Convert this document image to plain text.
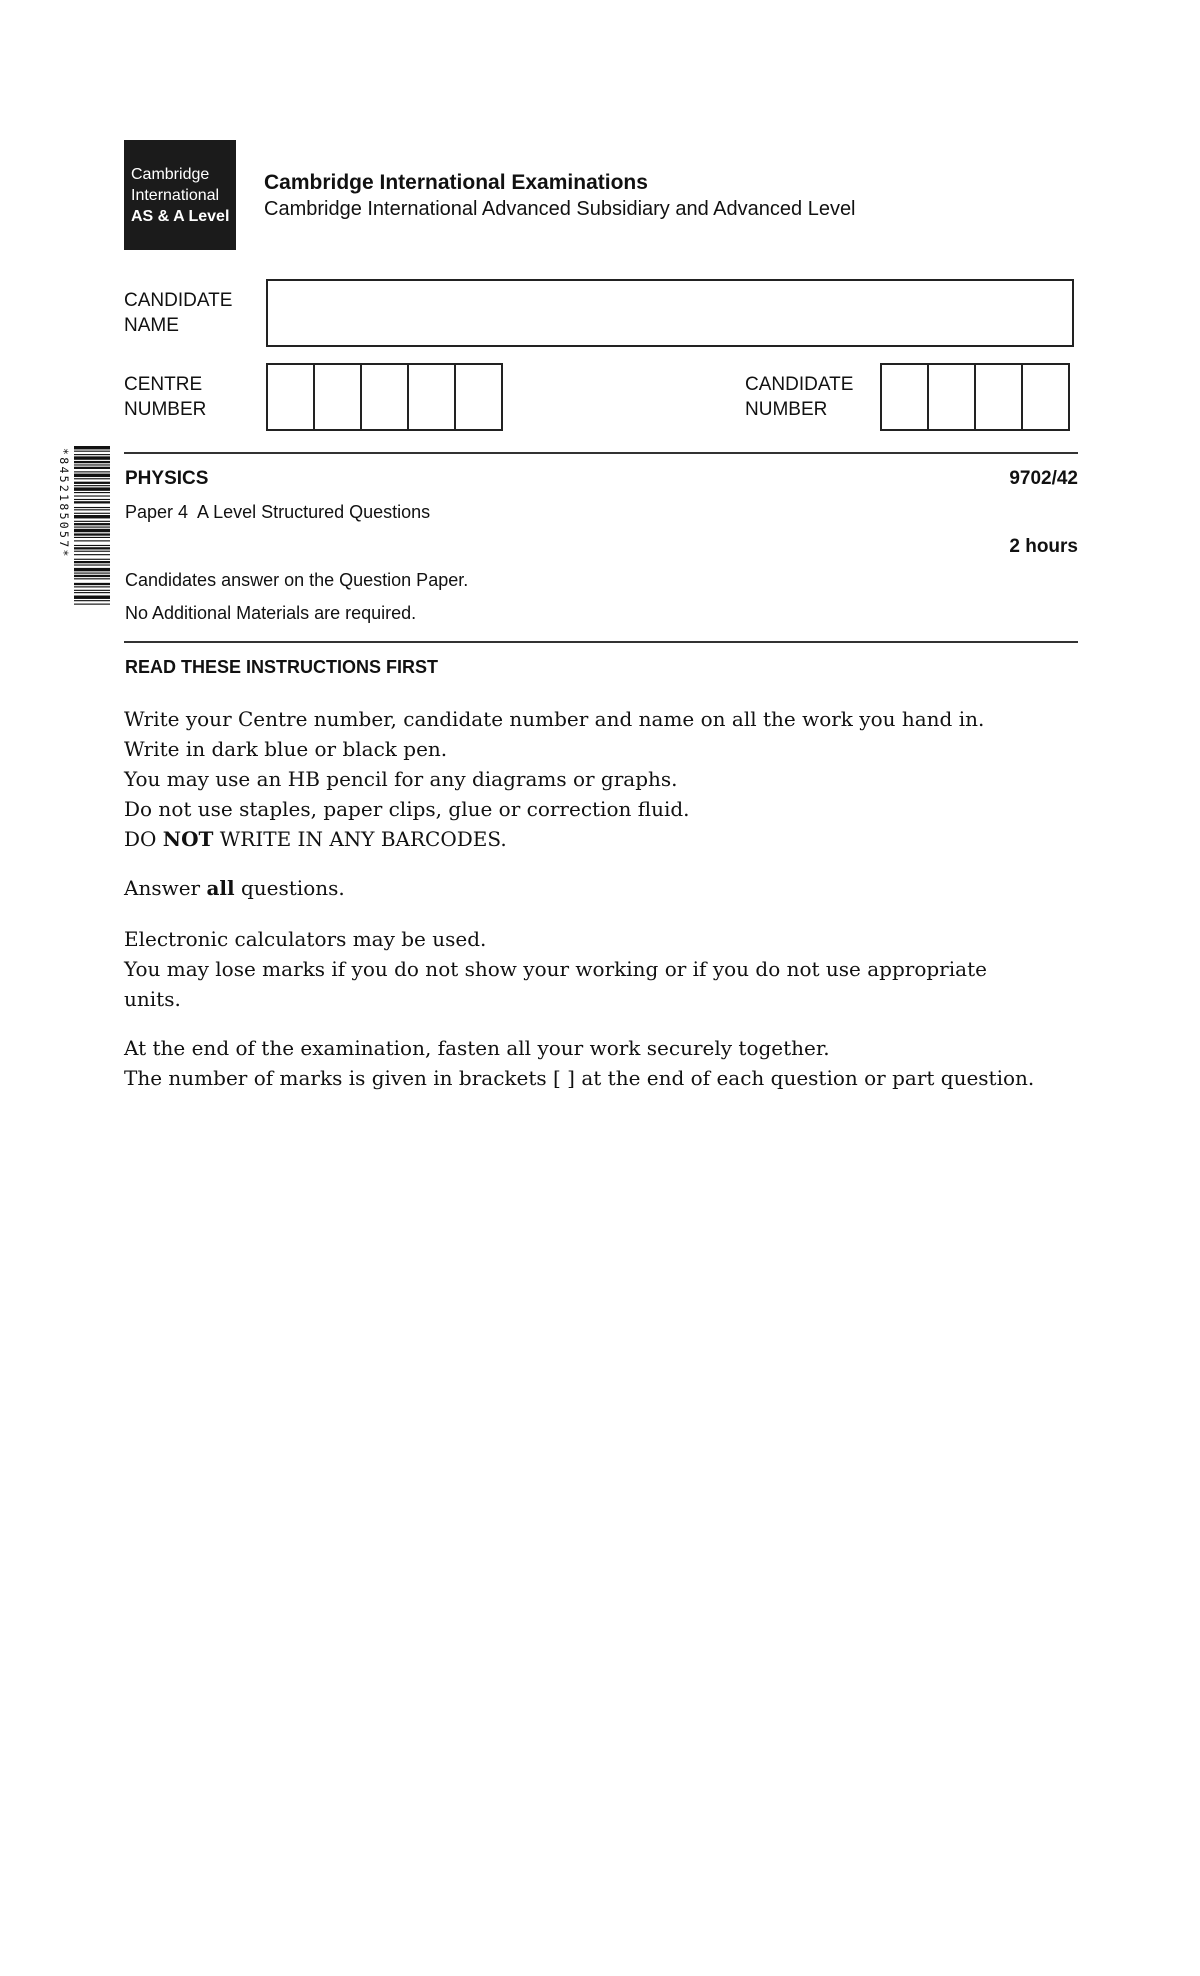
Cambridge
International
AS & A Level
Cambridge International Examinations
Cambridge International Advanced Subsidiary and Advanced Level
CANDIDATE
NAME
CENTRE
NUMBER
CANDIDATE
NUMBER
*8452185057*	PHYSICS	9702/42
Paper 4  A Level Structured Questions
2 hours
Candidates answer on the Question Paper.
No Additional Materials are required.
READ THESE INSTRUCTIONS FIRST

Write your Centre number, candidate number and name on all the work you hand in.

Write in dark blue or black pen.

You may use an HB pencil for any diagrams or graphs.

Do not use staples, paper clips, glue or correction fluid.

DO NOT WRITE IN ANY BARCODES.

Answer all questions.

Electronic calculators may be used.

You may lose marks if you do not show your working or if you do not use appropriate

units.

At the end of the examination, fasten all your work securely together.

The number of marks is given in brackets [ ] at the end of each question or part question.
